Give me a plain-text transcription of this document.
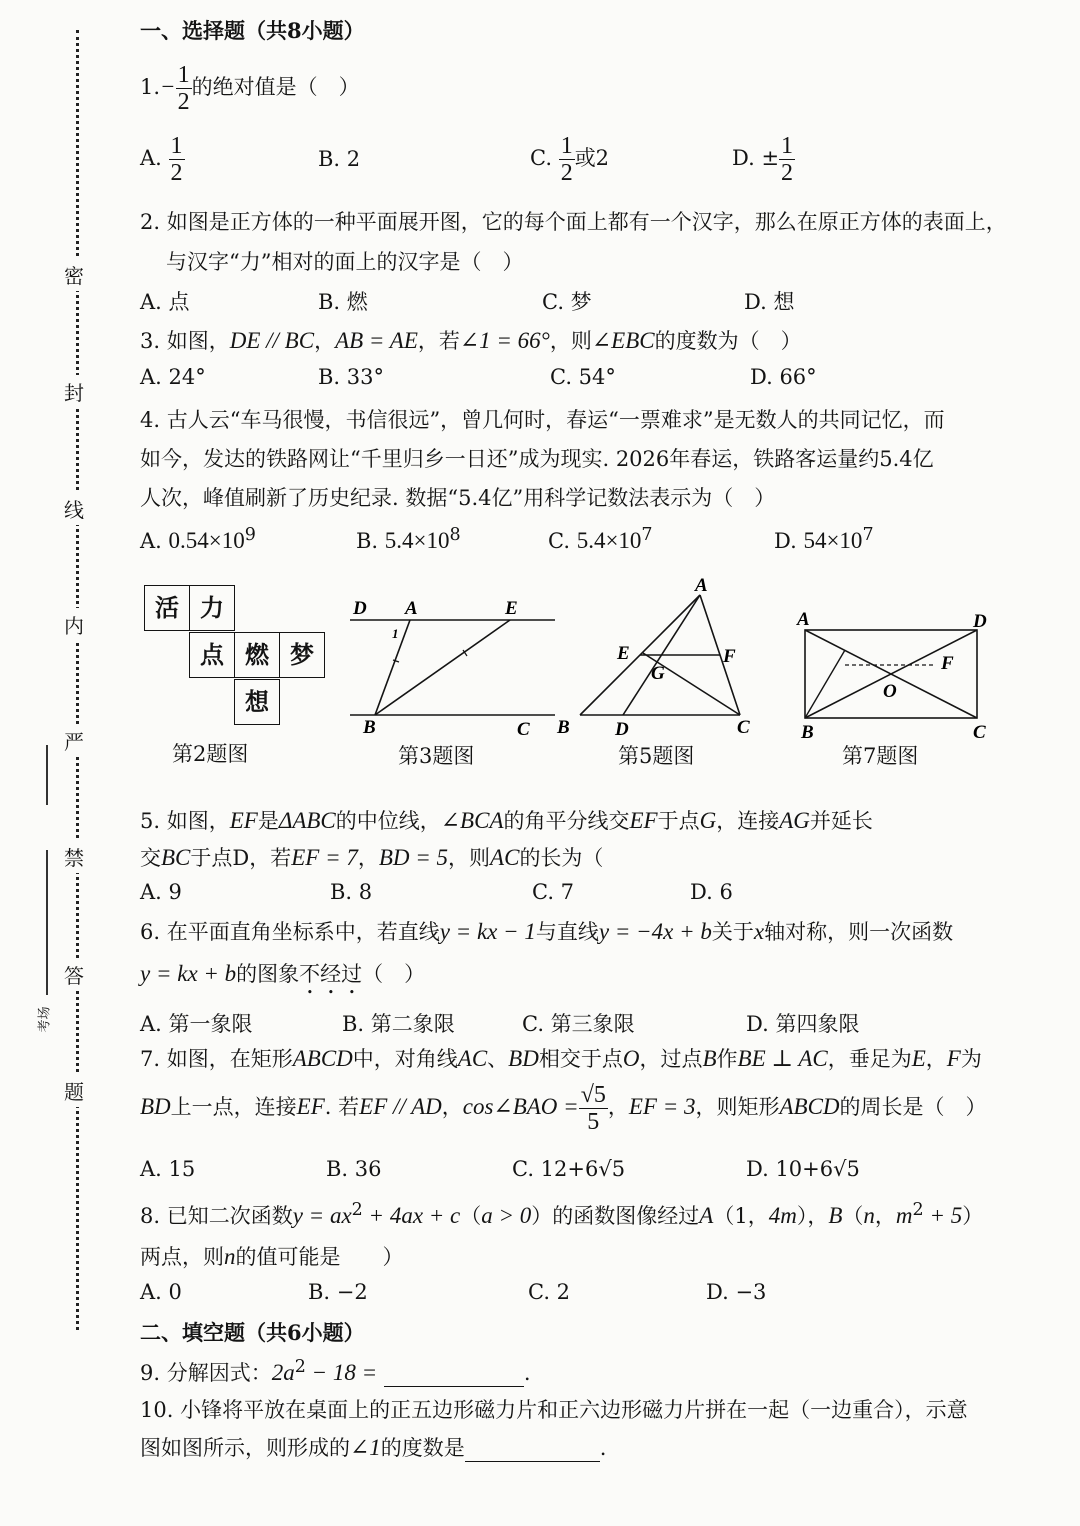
密
封
线
内
严
禁
答
题
考场
一、选择题（共8小题）
$1.- \frac{1}{2}$ 的绝对值是（　）
A. $\frac{1}{2}$	B. 2	C. $\frac{1}{2}$ 或2	D. ± $\frac{1}{2}$
2. 如图是正方体的一种平面展开图，它的每个面上都有一个汉字，那么在原正方体的表面上，
与汉字“力”相对的面上的汉字是（　）
A. 点	B. 燃	C. 梦	D. 想
3. 如图，DE // BC，AB = AE，若∠1 = 66°，则∠EBC的度数为（　）
A. 24°	B. 33°	C. 54°	D. 66°
4. 古人云“车马很慢，书信很远”，曾几何时，春运“一票难求”是无数人的共同记忆，而
如今，发达的铁路网让“千里归乡一日还”成为现实. 2026年春运，铁路客运量约5.4亿
人次，峰值刷新了历史纪录. 数据“5.4亿”用科学记数法表示为（　）
A. $0.54\times 10^9$	B. $5.4\times 10^8$	C. $5.4\times 10^7$	D. $54\times 10^7$
活 力
点 燃 梦
想
第2题图
D A	E
1
B	C
第3题图
A
E	F
G
B D	C
第5题图
A	D
F
O
B	C
第7题图
5. 如图，EF是ΔABC的中位线，∠BCA的角平分线交EF于点G，连接AG并延长
交BC于点D，若EF = 7，BD = 5，则AC的长为（
A. 9	B. 8	C. 7	D. 6
6. 在平面直角坐标系中，若直线y = kx − 1与直线y = −4x + b关于x轴对称，则一次函数
y = kx + b的图象不经过（　）
A. 第一象限	B. 第二象限	C. 第三象限	D. 第四象限
7. 如图，在矩形ABCD中，对角线AC、BD相交于点O，过点B作BE ⊥ AC，垂足为E，F为
BD上一点，连接EF. 若EF // AD，cos∠BAO = $\frac{√5}{5}$ ，EF = 3，则矩形ABCD的周长是（　）
A. 15	B. 36	C. 12+6√5	D. 10+6√5
8. 已知二次函数$y = ax^2 + 4ax + c(a > 0)$的函数图像经过A（1，4m），B（n，$m^2 + 5$）
两点，则n的值可能是　　）
A. 0	B. −2	C. 2	D. −3
二、填空题（共6小题）
9. 分解因式：$2a^2 - 18$ =	.
10. 小锋将平放在桌面上的正五边形磁力片和正六边形磁力片拼在一起（一边重合），示意
图如图所示，则形成的∠1的度数是	.
